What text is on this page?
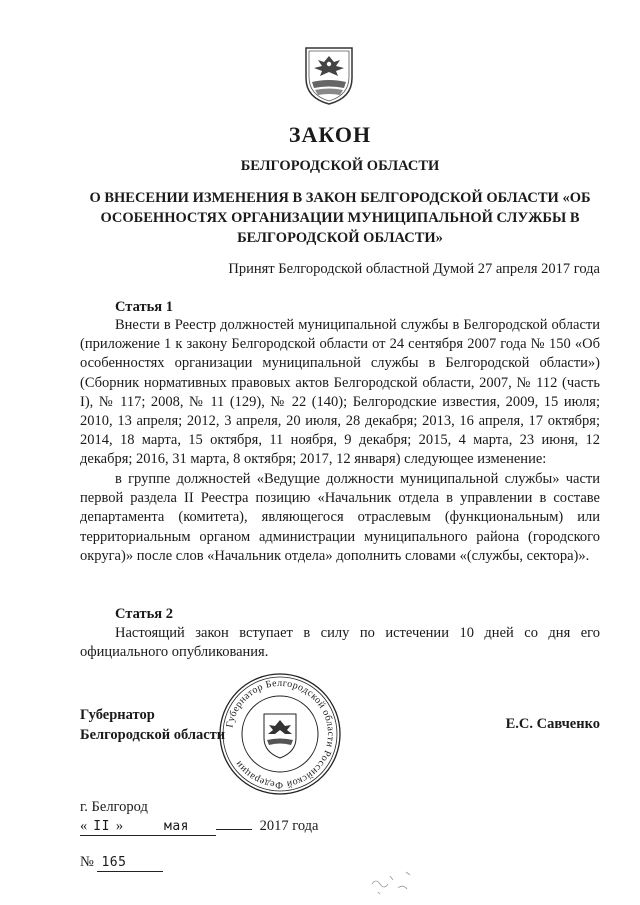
ЗАКОН
БЕЛГОРОДСКОЙ ОБЛАСТИ
О ВНЕСЕНИИ ИЗМЕНЕНИЯ В ЗАКОН БЕЛГОРОДСКОЙ ОБЛАСТИ «ОБ ОСОБЕННОСТЯХ ОРГАНИЗАЦИИ МУНИЦИПАЛЬНОЙ СЛУЖБЫ В БЕЛГОРОДСКОЙ ОБЛАСТИ»

Принят Белгородской областной Думой 27 апреля 2017 года

Статья 1

Внести в Реестр должностей муниципальной службы в Белгородской области (приложение 1 к закону Белгородской области от 24 сентября 2007 года № 150 «Об особенностях организации муниципальной службы в Белгородской области») (Сборник нормативных правовых актов Белгородской области, 2007, № 112 (часть I), № 117; 2008, № 11 (129), № 22 (140); Белгородские известия, 2009, 15 июля; 2010, 13 апреля; 2012, 3 апреля, 20 июля, 28 декабря; 2013, 16 апреля, 17 октября; 2014, 18 марта, 15 октября, 11 ноября, 9 декабря; 2015, 4 марта, 23 июня, 12 декабря; 2016, 31 марта, 8 октября; 2017, 12 января) следующее изменение:

в группе должностей «Ведущие должности муниципальной службы» части первой раздела II Реестра позицию «Начальник отдела в управлении в составе департамента (комитета), являющегося отраслевым (функциональным) или территориальным органом администрации муниципального района (городского округа)» после слов «Начальник отдела» дополнить словами «(службы, сектора)».

Статья 2

Настоящий закон вступает в силу по истечении 10 дней со дня его официального опубликования.

Губернатор
Белгородской области
Губернатор Белгородской области Российской Федерации

Е.С. Савченко

г. Белгород

« II »	мая	2017 года

№ 165
